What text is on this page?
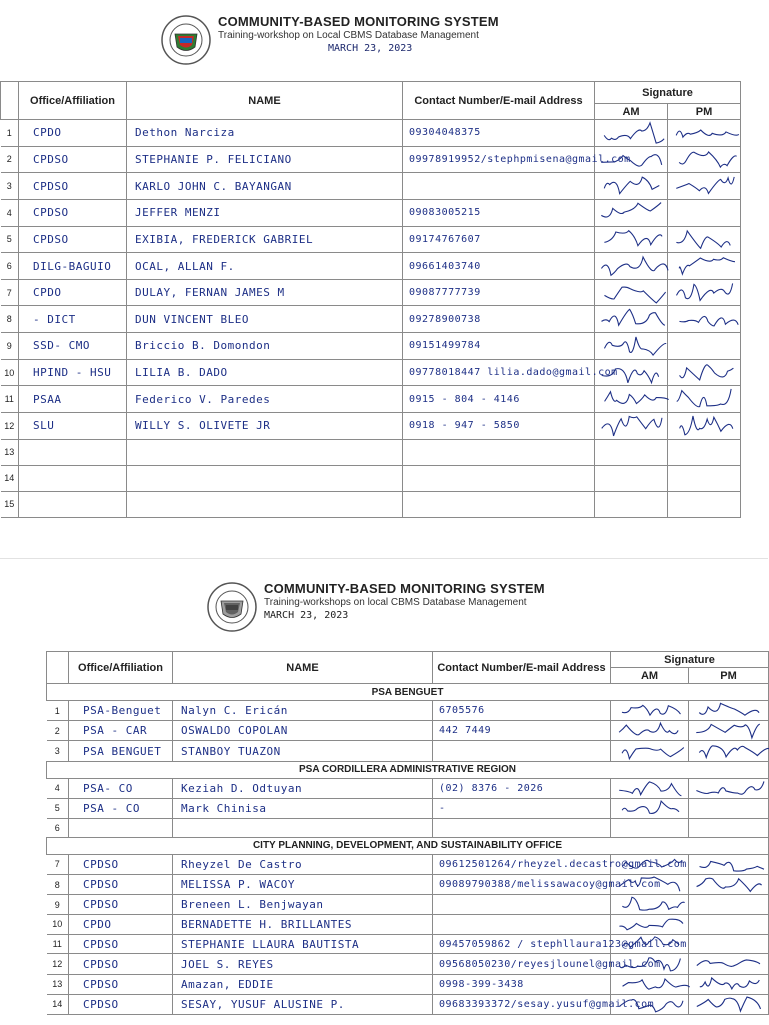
COMMUNITY-BASED MONITORING SYSTEM
Training-workshop on Local CBMS Database Management
MARCH 23, 2023
	Office/Affiliation	NAME	Contact Number/E-mail Address	Signature	
				AM	PM
1	CPDO	Dethon Narciza	09304048375	

2	CPDSO	STEPHANIE P. FELICIANO	09978919952/stephpmisena@gmail.com	

3	CPDSO	KARLO JOHN C. BAYANGAN		

4	CPDSO	JEFFER MENZI	09083005215	

5	CPDSO	EXIBIA, FREDERICK GABRIEL	09174767607	

6	DILG-BAGUIO	OCAL, ALLAN F.	09661403740	

7	CPDO	DULAY, FERNAN JAMES M	09087777739	

8	- DICT	DUN VINCENT BLEO	09278900738	

9	SSD- CMO	Briccio B. Domondon	09151499784	

10	HPIND - HSU	LILIA B. DADO	09778018447 lilia.dado@gmail.com	

11	PSAA	Federico V. Paredes	0915 - 804 - 4146	

12	SLU	WILLY S. OLIVETE JR	0918 - 947 - 5850	

13					
14					
15					
COMMUNITY-BASED MONITORING SYSTEM
Training-workshops on local CBMS Database Management
MARCH 23, 2023
	Office/Affiliation	NAME	Contact Number/E-mail Address	Signature	
				AM	PM
PSA BENGUET					
1	PSA-Benguet	Nalyn C. Ericán	6705576	

2	PSA - CAR	OSWALDO COPOLAN	442 7449	

3	PSA BENGUET	STANBOY TUAZON		

PSA CORDILLERA ADMINISTRATIVE REGION					
4	PSA- CO	Keziah D. Odtuyan	(02) 8376 - 2026	

5	PSA - CO	Mark Chinisa	-	

6					
CITY PLANNING, DEVELOPMENT, AND SUSTAINABILITY OFFICE					
7	CPDSO	Rheyzel De Castro	09612501264/rheyzel.decastro@gmail.com	

8	CPDSO	MELISSA P. WACOY	09089790388/melissawacoy@gmail.com	

9	CPDSO	Breneen L. Benjwayan		

10	CPDO	BERNADETTE H. BRILLANTES		

11	CPDSO	STEPHANIE LLAURA BAUTISTA	09457059862 / stephllaura123@gmail.com	

12	CPDSO	JOEL S. REYES	09568050230/reyesjlounel@gmail.com	

13	CPDSO	Amazan, EDDIE	0998-399-3438	

14	CPDSO	SESAY, YUSUF ALUSINE P.	09683393372/sesay.yusuf@gmail.com	
